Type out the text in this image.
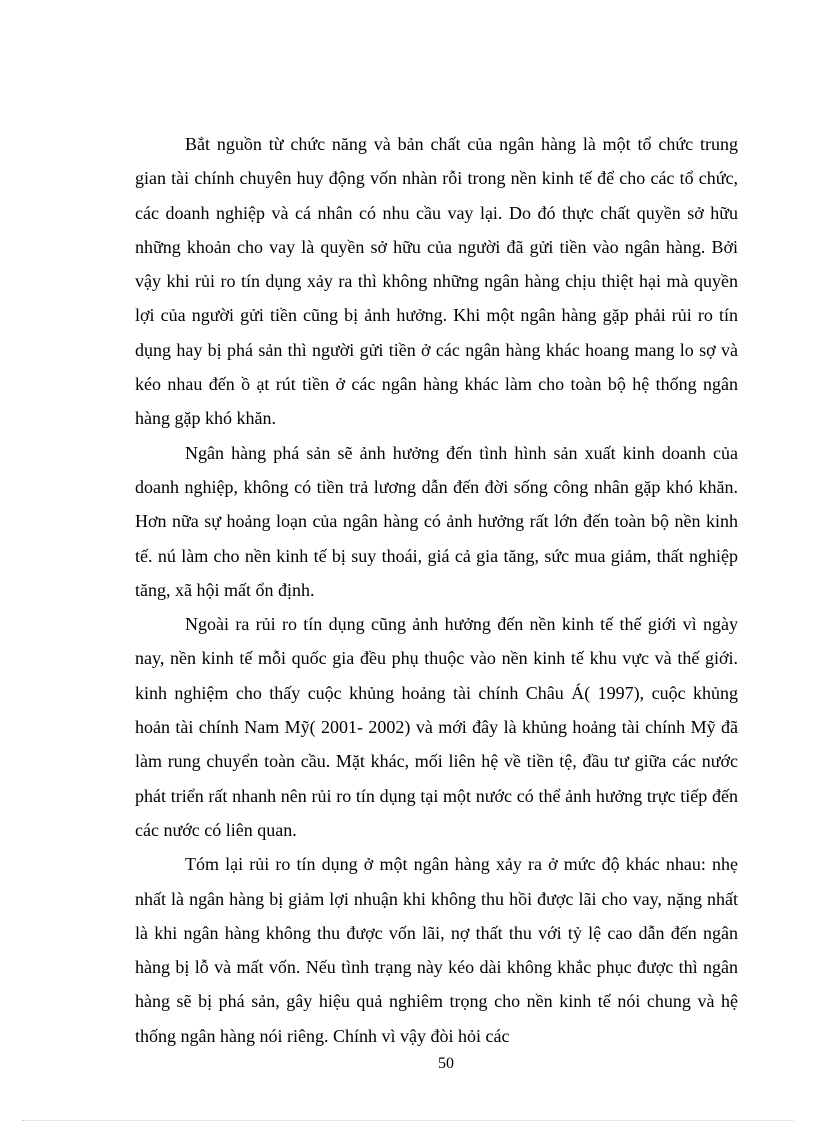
Bắt nguồn từ chức năng và bản chất của ngân hàng là một tổ chức trung gian tài chính chuyên huy động vốn nhàn rỗi trong nền kinh tế để cho các tổ chức, các doanh nghiệp và cá nhân có nhu cầu vay lại. Do đó thực chất quyền sở hữu những khoản cho vay là quyền sở hữu của người đã gửi tiền vào ngân hàng. Bởi vậy khi rủi ro tín dụng xảy ra thì không những ngân hàng chịu thiệt hại mà quyền lợi của người gửi tiền cũng bị ảnh hưởng. Khi một ngân hàng gặp phải rủi ro tín dụng hay bị phá sản thì người gửi tiền ở các ngân hàng khác hoang mang lo sợ và kéo nhau đến ồ ạt rút tiền ở các ngân hàng khác làm cho toàn bộ hệ thống ngân hàng gặp khó khăn.

Ngân hàng phá sản sẽ ảnh hưởng đến tình hình sản xuất kinh doanh của doanh nghiệp, không có tiền trả lương dẫn đến đời sống công nhân gặp khó khăn. Hơn nữa sự hoảng loạn của ngân hàng có ảnh hưởng rất lớn đến toàn bộ nền kinh tế. nú làm cho nền kinh tế bị suy thoái, giá cả gia tăng, sức mua giảm, thất nghiệp tăng, xã hội mất ổn định.

Ngoài ra rủi ro tín dụng cũng ảnh hưởng đến nền kinh tế thế giới vì ngày nay, nền kinh tế mỗi quốc gia đều phụ thuộc vào nền kinh tế khu vực và thế giới. kinh nghiệm cho thấy cuộc khủng hoảng tài chính Châu Á( 1997), cuộc khủng hoản tài chính Nam Mỹ( 2001- 2002) và mới đây là khủng hoảng tài chính Mỹ đã làm rung chuyển toàn cầu. Mặt khác, mối liên hệ về tiền tệ, đầu tư giữa các nước phát triển rất nhanh nên rủi ro tín dụng tại một nước có thể ảnh hưởng trực tiếp đến các nước có liên quan.

Tóm lại rủi ro tín dụng ở một ngân hàng xảy ra ở mức độ khác nhau: nhẹ nhất là ngân hàng bị giảm lợi nhuận khi không thu hồi được lãi cho vay, nặng nhất là khi ngân hàng không thu được vốn lãi, nợ thất thu với tỷ lệ cao dẫn đến ngân hàng bị lỗ và mất vốn. Nếu tình trạng này kéo dài không khắc phục được thì ngân hàng sẽ bị phá sản, gây hiệu quả nghiêm trọng cho nền kinh tế nói chung và hệ thống ngân hàng nói riêng. Chính vì vậy đòi hỏi các

50
